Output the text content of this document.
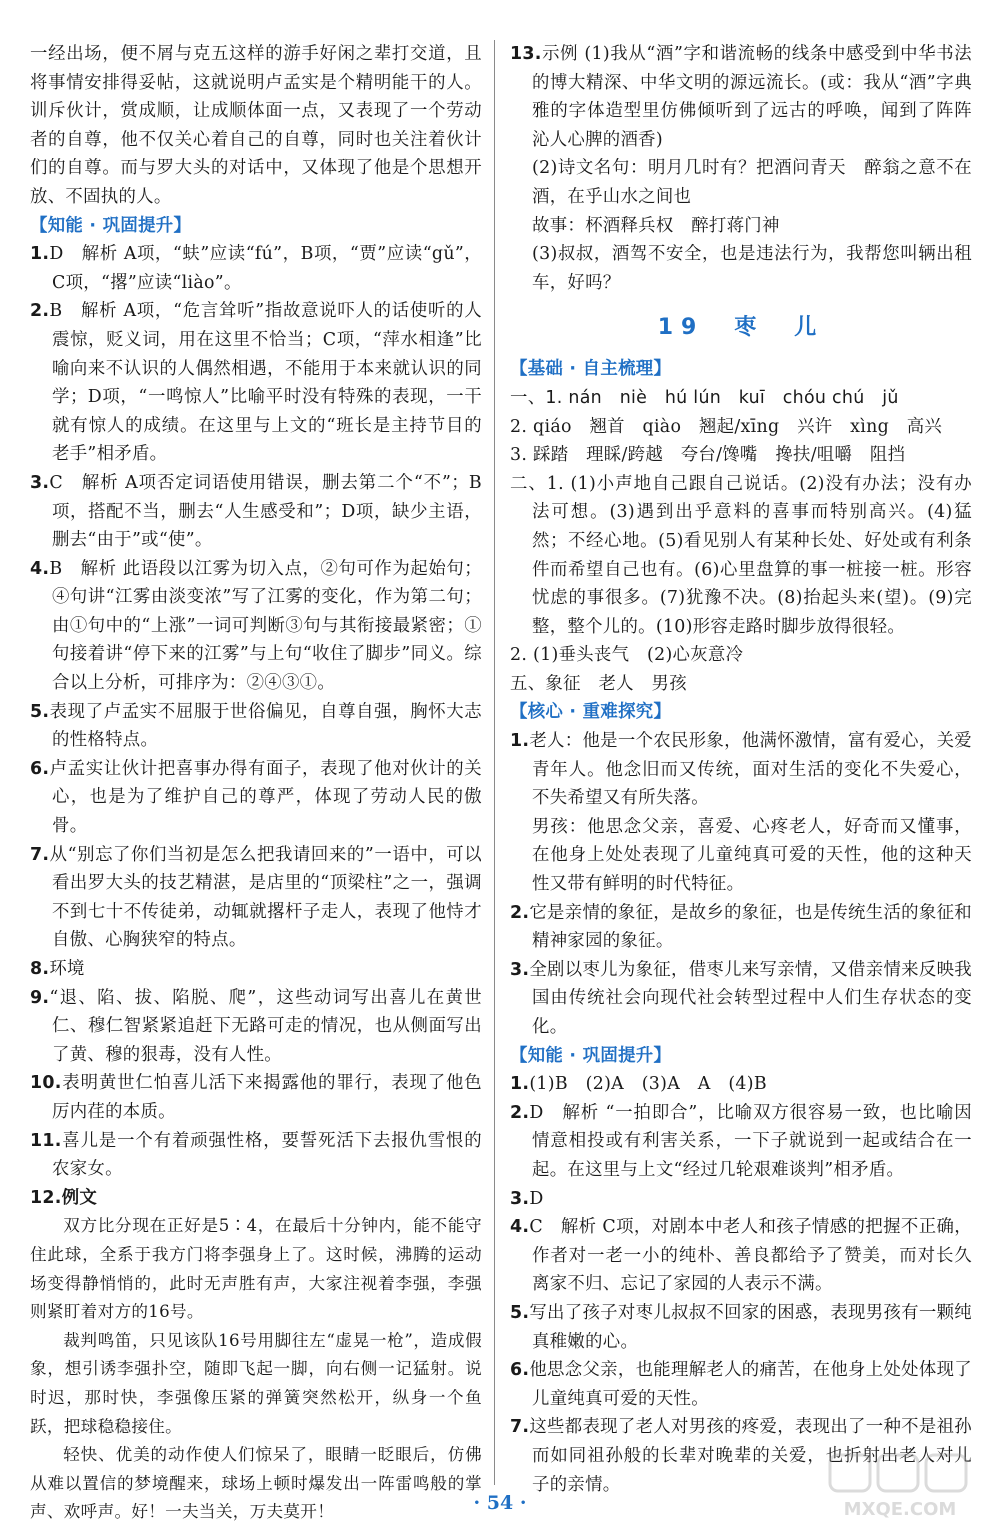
一经出场，便不屑与克五这样的游手好闲之辈打交道，且将事情安排得妥帖，这就说明卢孟实是个精明能干的人。训斥伙计，赏成顺，让成顺体面一点，又表现了一个劳动者的自尊，他不仅关心着自己的自尊，同时也关注着伙计们的自尊。而与罗大头的对话中，又体现了他是个思想开放、不固执的人。

【知能 · 巩固提升】

1.D　解析 A项，“蚨”应读“fú”，B项，“贾”应读“gǔ”，C项，“撂”应读“liào”。

2.B　解析 A项，“危言耸听”指故意说吓人的话使听的人震惊，贬义词，用在这里不恰当；C项，“萍水相逢”比喻向来不认识的人偶然相遇，不能用于本来就认识的同学；D项，“一鸣惊人”比喻平时没有特殊的表现，一干就有惊人的成绩。在这里与上文的“班长是主持节目的老手”相矛盾。

3.C　解析 A项否定词语使用错误，删去第二个“不”；B项，搭配不当，删去“人生感受和”；D项，缺少主语，删去“由于”或“使”。

4.B　解析 此语段以江雾为切入点，②句可作为起始句；④句讲“江雾由淡变浓”写了江雾的变化，作为第二句；由①句中的“上涨”一词可判断③句与其衔接最紧密；①句接着讲“停下来的江雾”与上句“收住了脚步”同义。综合以上分析，可排序为：②④③①。

5.表现了卢孟实不屈服于世俗偏见，自尊自强，胸怀大志的性格特点。

6.卢孟实让伙计把喜事办得有面子，表现了他对伙计的关心，也是为了维护自己的尊严，体现了劳动人民的傲骨。

7.从“别忘了你们当初是怎么把我请回来的”一语中，可以看出罗大头的技艺精湛，是店里的“顶梁柱”之一，强调不到七十不传徒弟，动辄就撂杆子走人，表现了他恃才自傲、心胸狭窄的特点。

8.环境

9.“退、陷、拔、陷脱、爬”，这些动词写出喜儿在黄世仁、穆仁智紧紧追赶下无路可走的情况，也从侧面写出了黄、穆的狠毒，没有人性。

10.表明黄世仁怕喜儿活下来揭露他的罪行，表现了他色厉内荏的本质。

11.喜儿是一个有着顽强性格，要誓死活下去报仇雪恨的农家女。

12.例文

双方比分现在正好是5∶4，在最后十分钟内，能不能守住此球，全系于我方门将李强身上了。这时候，沸腾的运动场变得静悄悄的，此时无声胜有声，大家注视着李强，李强则紧盯着对方的16号。

裁判鸣笛，只见该队16号用脚往左“虚晃一枪”，造成假象，想引诱李强扑空，随即飞起一脚，向右侧一记猛射。说时迟，那时快，李强像压紧的弹簧突然松开，纵身一个鱼跃，把球稳稳接住。

轻快、优美的动作使人们惊呆了，眼睛一眨眼后，仿佛从难以置信的梦境醒来，球场上顿时爆发出一阵雷鸣般的掌声、欢呼声。好！一夫当关，万夫莫开！

13.示例 (1)我从“酒”字和谐流畅的线条中感受到中华书法的博大精深、中华文明的源远流长。(或：我从“酒”字典雅的字体造型里仿佛倾听到了远古的呼唤，闻到了阵阵沁人心脾的酒香)

(2)诗文名句：明月几时有？把酒问青天　醉翁之意不在酒，在乎山水之间也

故事：杯酒释兵权　醉打蒋门神

(3)叔叔，酒驾不安全，也是违法行为，我帮您叫辆出租车，好吗？

19　枣　儿

【基础 · 自主梳理】

一、1. nán　niè　hú lún　kuī　chóu chú　jǔ

2. qiáo　翘首　qiào　翘起/xīng　兴许　xìng　高兴

3. 踩踏　理睬/跨越　夸台/馋嘴　搀扶/咀嚼　阻挡

二、1. (1)小声地自己跟自己说话。(2)没有办法；没有办法可想。(3)遇到出乎意料的喜事而特别高兴。(4)猛然；不经心地。(5)看见别人有某种长处、好处或有利条件而希望自己也有。(6)心里盘算的事一桩接一桩。形容忧虑的事很多。(7)犹豫不决。(8)抬起头来(望)。(9)完整，整个儿的。(10)形容走路时脚步放得很轻。

2. (1)垂头丧气　(2)心灰意冷

五、象征　老人　男孩

【核心 · 重难探究】

1.老人：他是一个农民形象，他满怀激情，富有爱心，关爱青年人。他念旧而又传统，面对生活的变化不失爱心，不失希望又有所失落。

男孩：他思念父亲，喜爱、心疼老人，好奇而又懂事，在他身上处处表现了儿童纯真可爱的天性，他的这种天性又带有鲜明的时代特征。

2.它是亲情的象征，是故乡的象征，也是传统生活的象征和精神家园的象征。

3.全剧以枣儿为象征，借枣儿来写亲情，又借亲情来反映我国由传统社会向现代社会转型过程中人们生存状态的变化。

【知能 · 巩固提升】

1.(1)B　(2)A　(3)A　A　(4)B

2.D　解析 “一拍即合”，比喻双方很容易一致，也比喻因情意相投或有利害关系，一下子就说到一起或结合在一起。在这里与上文“经过几轮艰难谈判”相矛盾。

3.D

4.C　解析 C项，对剧本中老人和孩子情感的把握不正确，作者对一老一小的纯朴、善良都给予了赞美，而对长久离家不归、忘记了家园的人表示不满。

5.写出了孩子对枣儿叔叔不回家的困惑，表现男孩有一颗纯真稚嫩的心。

6.他思念父亲，也能理解老人的痛苦，在他身上处处体现了儿童纯真可爱的天性。

7.这些都表现了老人对男孩的疼爱，表现出了一种不是祖孙而如同祖孙般的长辈对晚辈的关爱，也折射出老人对儿子的亲情。

· 54 ·	MXQE.COM
